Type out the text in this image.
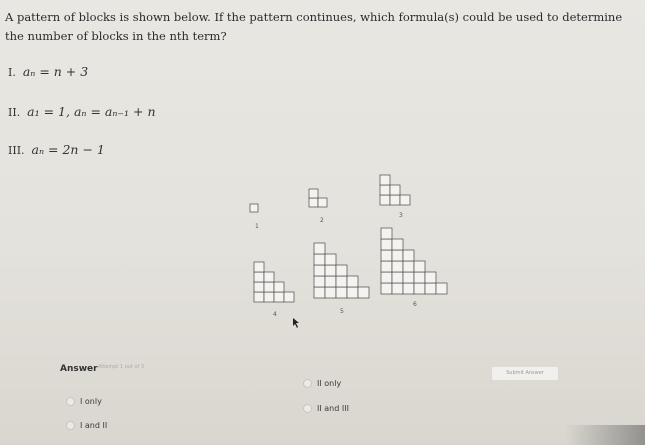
A pattern of blocks is shown below. If the pattern continues, which formula(s) could be used to determine the number of blocks in the nth term?
I. aₙ = n + 3
II. a₁ = 1, aₙ = aₙ₋₁ + n
III. aₙ = 2n − 1
1
2
3
4	5
6
Answer Attempt 1 out of 3
Submit Answer
I only
II only
II and III
I and II
